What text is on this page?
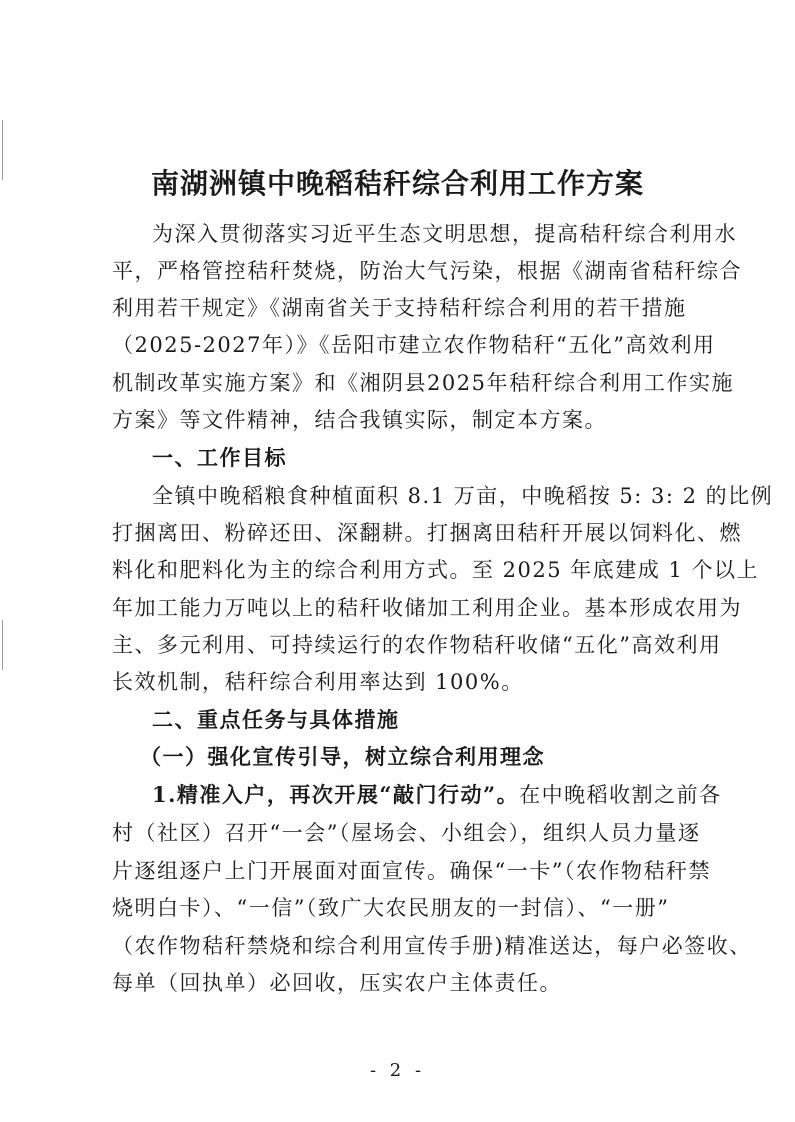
南湖洲镇中晚稻秸秆综合利用工作方案
为深入贯彻落实习近平生态文明思想，提高秸秆综合利用水
平，严格管控秸秆焚烧，防治大气污染，根据《湖南省秸秆综合
利用若干规定》《湖南省关于支持秸秆综合利用的若干措施
（2025-2027年）》《岳阳市建立农作物秸秆“五化”高效利用
机制改革实施方案》和《湘阴县2025年秸秆综合利用工作实施
方案》等文件精神，结合我镇实际，制定本方案。
一、工作目标
全镇中晚稻粮食种植面积 8.1 万亩，中晚稻按 5: 3: 2 的比例
打捆离田、粉碎还田、深翻耕。打捆离田秸秆开展以饲料化、燃
料化和肥料化为主的综合利用方式。至 2025 年底建成 1 个以上
年加工能力万吨以上的秸秆收储加工利用企业。基本形成农用为
主、多元利用、可持续运行的农作物秸秆收储“五化”高效利用
长效机制，秸秆综合利用率达到 100%。
二、重点任务与具体措施
（一）强化宣传引导，树立综合利用理念
1.精准入户，再次开展“敲门行动”。在中晚稻收割之前各
村（社区）召开“一会”（屋场会、小组会），组织人员力量逐
片逐组逐户上门开展面对面宣传。确保“一卡”（农作物秸秆禁
烧明白卡）、“一信”（致广大农民朋友的一封信）、“一册”
（农作物秸秆禁烧和综合利用宣传手册)精准送达，每户必签收、
每单（回执单）必回收，压实农户主体责任。
- 2 -
